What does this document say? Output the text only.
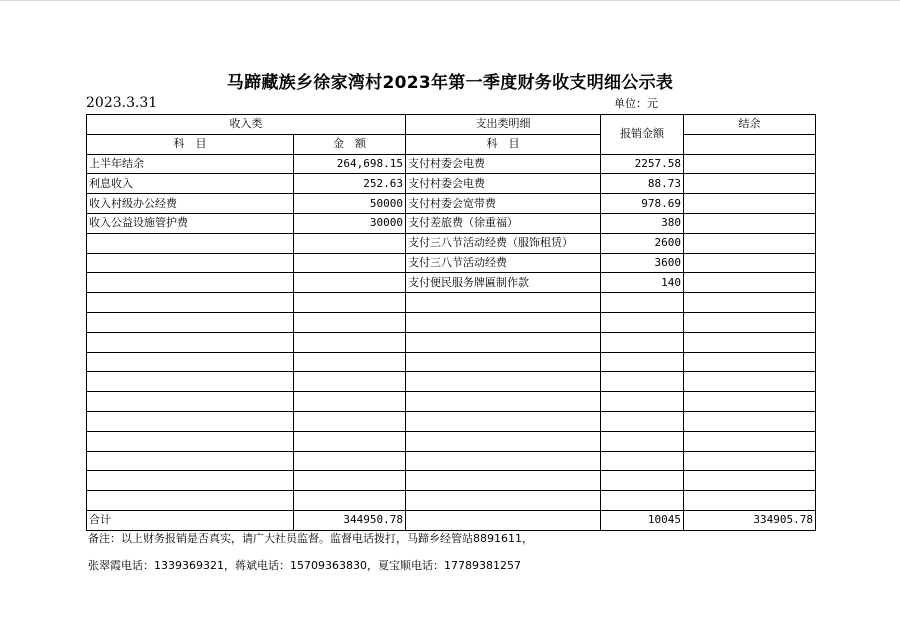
马蹄藏族乡徐家湾村2023年第一季度财务收支明细公示表
2023.3.31	单位：元
收入类		支出类明细	报销金额	结余
科　目	金　额	科　目		
上半年结余	264,698.15	支付村委会电费	2257.58	
利息收入	252.63	支付村委会电费	88.73	
收入村级办公经费	50000	支付村委会宽带费	978.69	
收入公益设施管护费	30000	支付差旅费（徐重福）	380	
		支付三八节活动经费（服饰租赁）	2600	
		支付三八节活动经费	3600	
		支付便民服务牌匾制作款	140	

合计	344950.78		10045	334905.78
备注：以上财务报销是否真实，请广大社员监督。监督电话拨打，马蹄乡经管站8891611，
张翠霞电话：1339369321，蒋斌电话：15709363830，夏宝顺电话：17789381257
